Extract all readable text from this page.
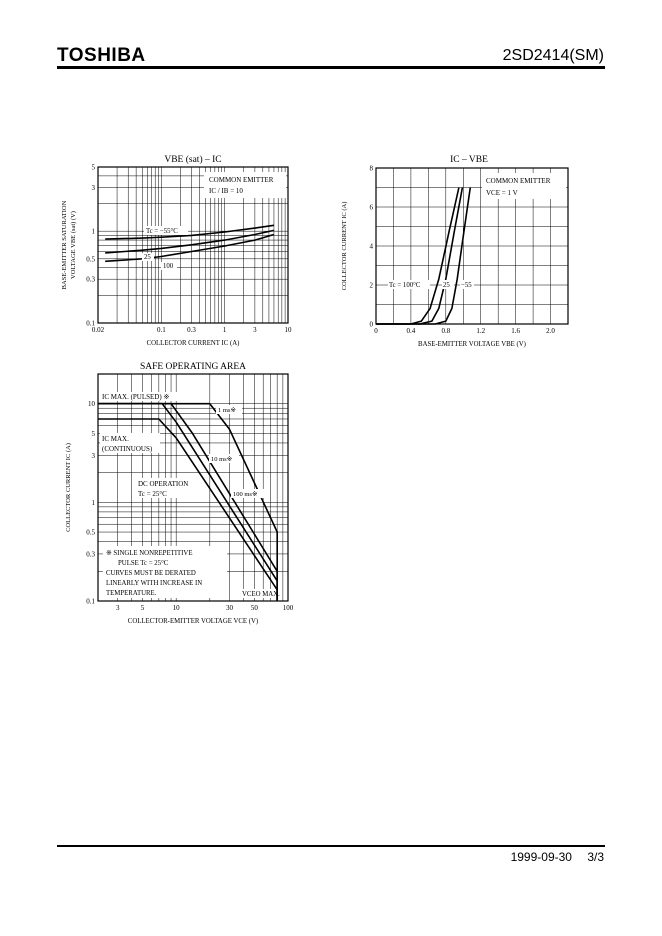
TOSHIBA	2SD2414(SM)
0.02	0.1	0.3	1	3	10
0.1
0.3
0.5
1
3
5
VBE (sat) – IC
COLLECTOR CURRENT IC (A)
BASE-EMITTER SATURATION VOLTAGE VBE (sat) (V)
COMMON EMITTER
IC / IB = 10
Tc = −55°C
25
100
0	0.4	0.8	1.2	1.6	2.0
0
2
4
6
8
IC – VBE
BASE-EMITTER VOLTAGE VBE (V)
COLLECTOR CURRENT IC (A)
COMMON EMITTER
VCE = 1 V
Tc = 100°C	25 −55
3	5	10	30	50	100
0.1
0.3
0.5
1
3
5
10
SAFE OPERATING AREA
COLLECTOR-EMITTER VOLTAGE VCE (V)
COLLECTOR CURRENT IC (A)
IC MAX. (PULSED) ※
IC MAX.
(CONTINUOUS)
DC OPERATION
Tc = 25°C
1 ms※
10 ms※
100 ms※
※ SINGLE NONREPETITIVE
PULSE Tc = 25°C
CURVES MUST BE DERATED
LINEARLY WITH INCREASE IN
TEMPERATURE.	VCEO MAX.
1999-09-30 3/3
